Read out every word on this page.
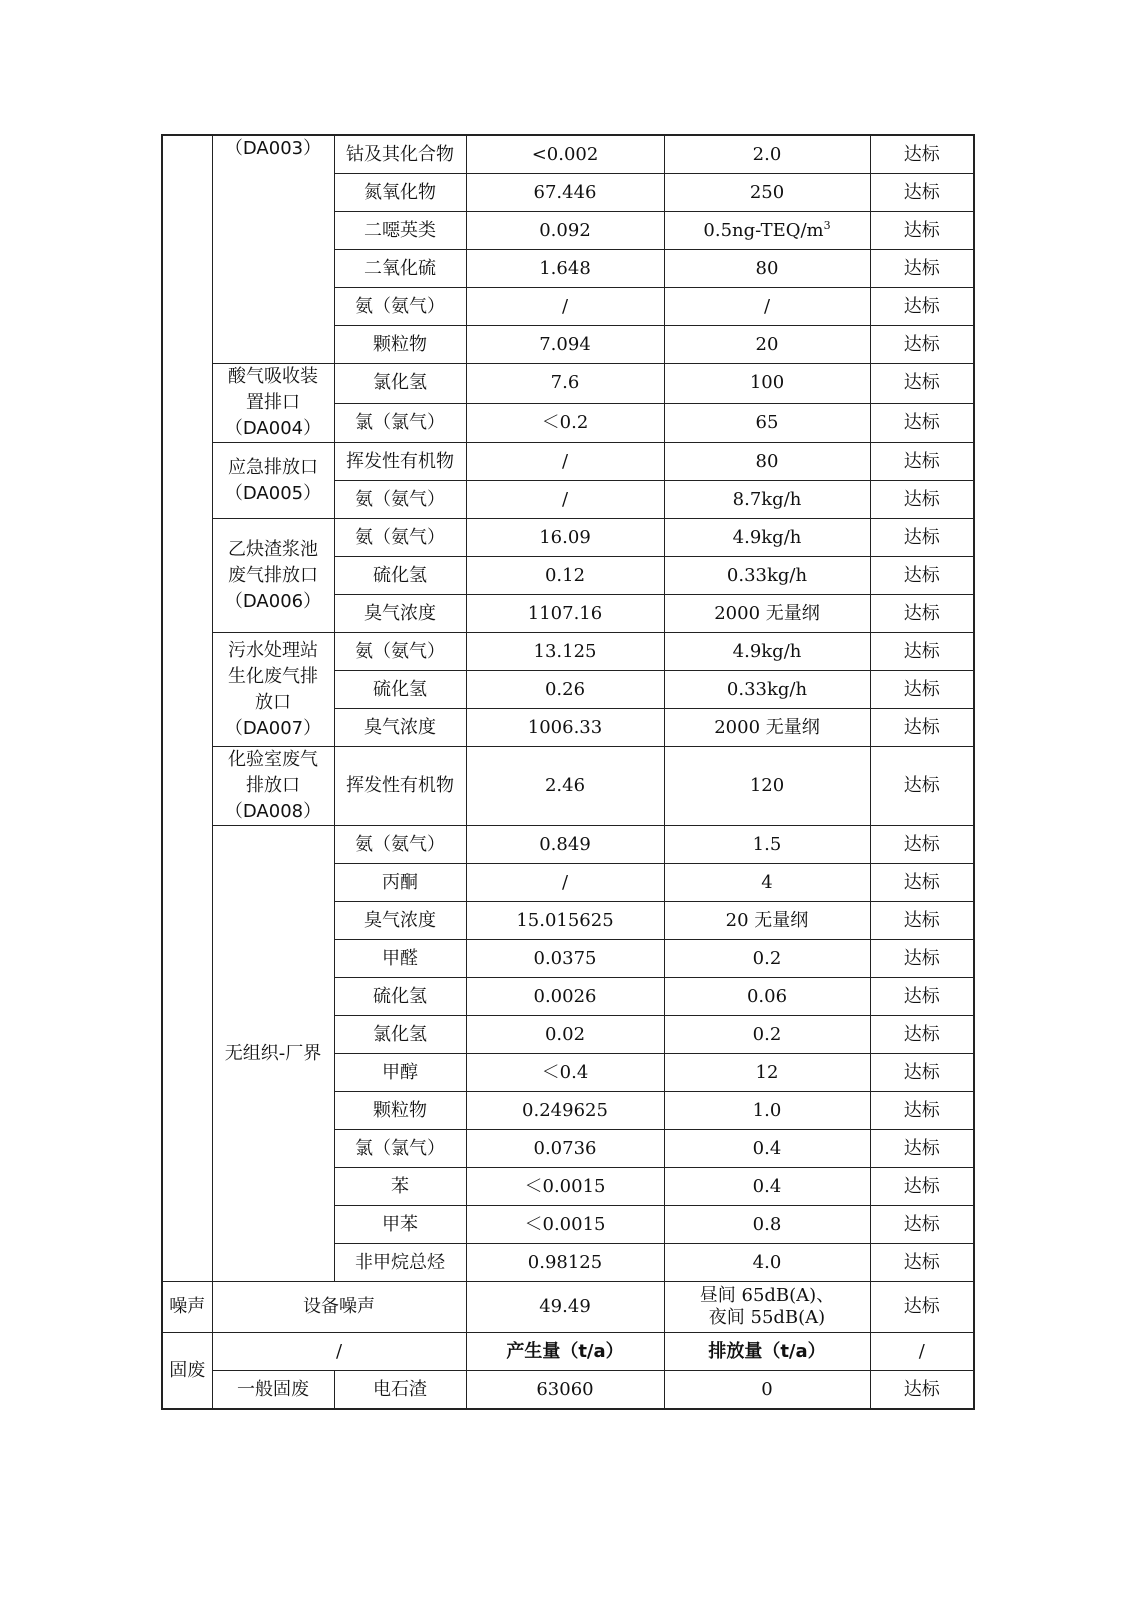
	（DA003）	钴及其化合物	<0.002	2.0	达标
		氮氧化物	67.446	250	达标
		二噁英类	0.092	$0.5ng-TEQ/m^3$	达标
		二氧化硫	1.648	80	达标
		氨（氨气）	/	/	达标
		颗粒物	7.094	20	达标
	酸气吸收装
置排口
（DA004）	氯化氢	7.6	100	达标
		氯（氯气）	＜0.2	65	达标
	应急排放口
（DA005）	挥发性有机物	/	80	达标
		氨（氨气）	/	8.7kg/h	达标
	乙炔渣浆池
废气排放口
（DA006）	氨（氨气）	16.09	4.9kg/h	达标
		硫化氢	0.12	0.33kg/h	达标
		臭气浓度	1107.16	2000 无量纲	达标
	污水处理站
生化废气排
放口
（DA007）	氨（氨气）	13.125	4.9kg/h	达标
		硫化氢	0.26	0.33kg/h	达标
		臭气浓度	1006.33	2000 无量纲	达标
	化验室废气
排放口
（DA008）	挥发性有机物	2.46	120	达标
	无组织-厂界	氨（氨气）	0.849	1.5	达标
		丙酮	/	4	达标
		臭气浓度	15.015625	20 无量纲	达标
		甲醛	0.0375	0.2	达标
		硫化氢	0.0026	0.06	达标
		氯化氢	0.02	0.2	达标
		甲醇	＜0.4	12	达标
		颗粒物	0.249625	1.0	达标
		氯（氯气）	0.0736	0.4	达标
		苯	＜0.0015	0.4	达标
		甲苯	＜0.0015	0.8	达标
		非甲烷总烃	0.98125	4.0	达标
噪声	设备噪声		49.49	昼间 65dB(A)、
夜间 55dB(A)	达标
固废	/		产生量（t/a）	排放量（t/a）	/
	一般固废	电石渣	63060	0	达标
